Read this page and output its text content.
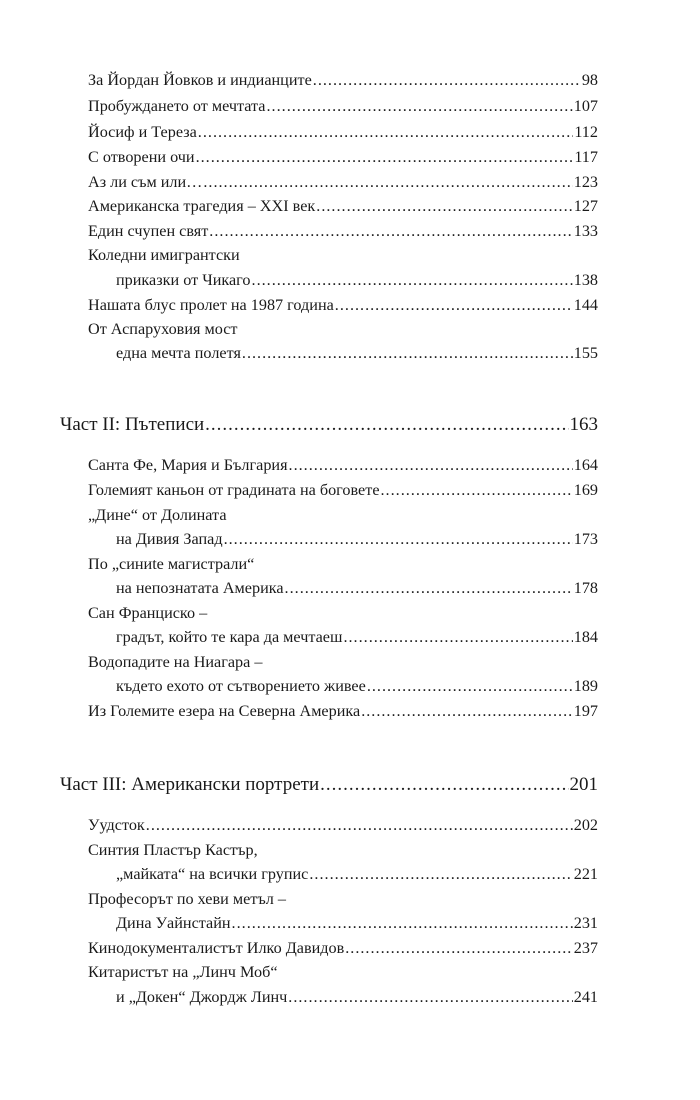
За Йордан Йовков и индианците .....	98
Пробуждането от мечтата .....	107
Йосиф и Тереза .....	112
С отворени очи .....	117
Аз ли съм или… .....	123
Американска трагедия – XXI век .....	127
Един счупен свят .....	133
Коледни имигрантски
приказки от Чикаго .....	138
Нашата блус пролет на 1987 година .....	144
От Аспаруховия мост
една мечта полетя .....	155
Част II: Пътеписи .....	163
Санта Фе, Мария и България .....	164
Големият каньон от градината на боговете .....	169
„Дине“ от Долината
на Дивия Запад .....	173
По „синиte магистрали“
на непознатата Америка .....	178
Сан Франциско –
градът, който те кара да мечтаеш .....	184
Водопадите на Ниагара –
където ехото от сътворението живее .....	189
Из Големите езера на Северна Америка .....	197
Част III: Американски портрети .....	201
Уудсток .....	202
Синтия Пластър Кастър,
„майката“ на всички групис .....	221
Професорът по хеви метъл –
Дина Уайнстайн .....	231
Кинодокументалистът Илко Давидов .....	237
Китаристът на „Линч Моб“
и „Докен“ Джордж Линч .....	241
